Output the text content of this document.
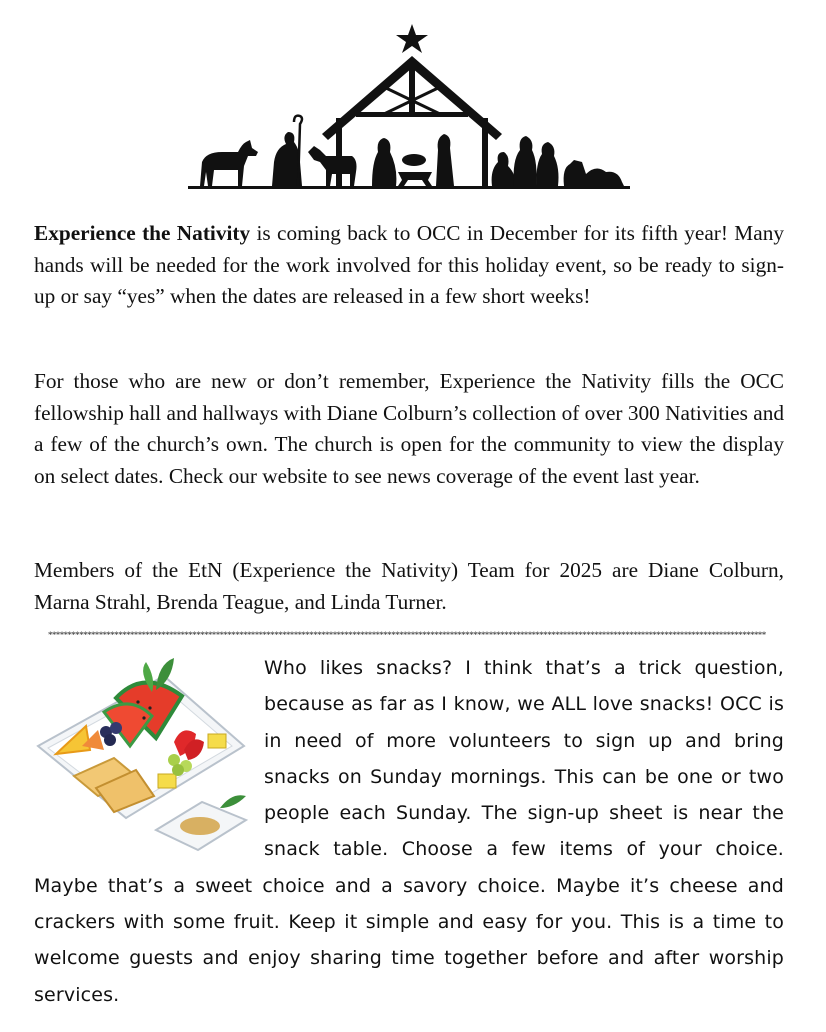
Experience the Nativity is coming back to OCC in December for its fifth year! Many hands will be needed for the work involved for this holiday event, so be ready to sign-up or say “yes” when the dates are released in a few short weeks!
For those who are new or don’t remember, Experience the Nativity fills the OCC fellowship hall and hallways with Diane Colburn’s collection of over 300 Nativities and a few of the church’s own. The church is open for the community to view the display on select dates. Check our website to see news coverage of the event last year.
Members of the EtN (Experience the Nativity) Team for 2025 are Diane Colburn, Marna Strahl, Brenda Teague, and Linda Turner.
****************************************************************************************************************************************************************************************
Who likes snacks? I think that’s a trick question, because as far as I know, we ALL love snacks! OCC is in need of more volunteers to sign up and bring snacks on Sunday mornings. This can be one or two people each Sunday. The sign-up sheet is near the snack table. Choose a few items of your choice. Maybe that’s a sweet choice and a savory choice. Maybe it’s cheese and crackers with some fruit. Keep it simple and easy for you. This is a time to welcome guests and enjoy sharing time together before and after worship services.
